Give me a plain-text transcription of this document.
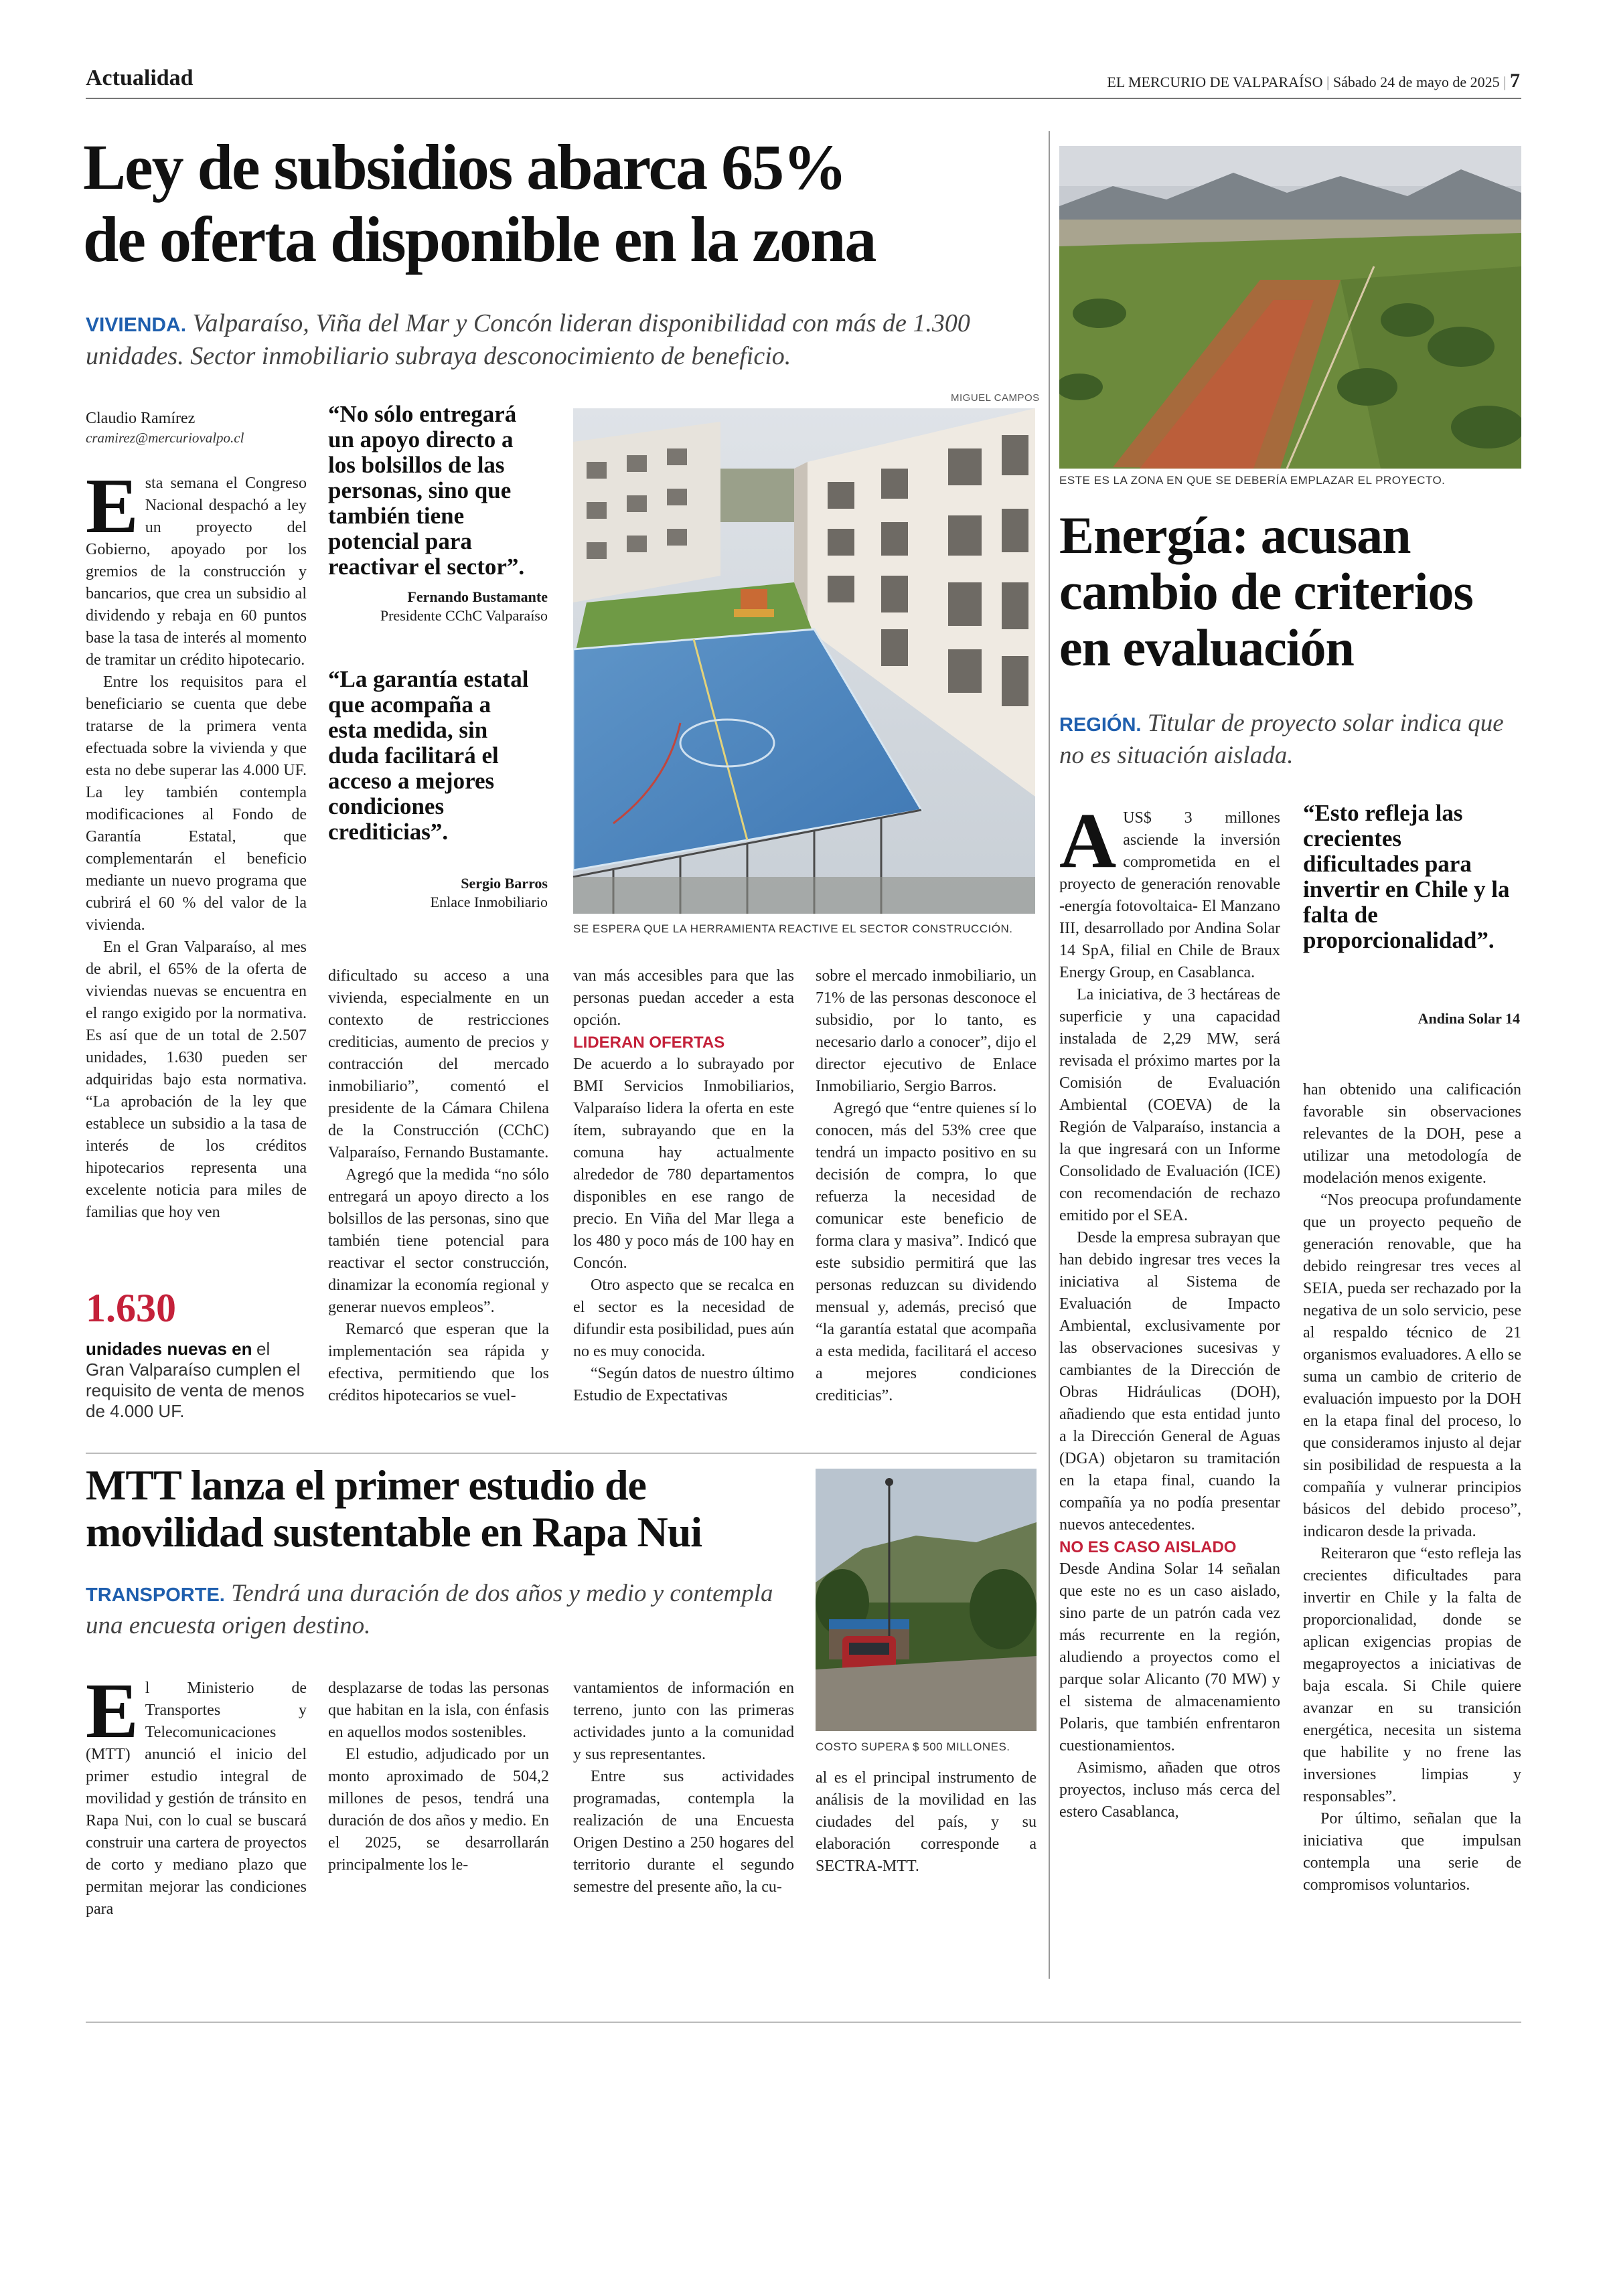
Actualidad	EL MERCURIO DE VALPARAÍSO | Sábado 24 de mayo de 2025 | 7
Ley de subsidios abarca 65%
de oferta disponible en la zona
VIVIENDA. Valparaíso, Viña del Mar y Concón lideran disponibilidad con más de 1.300 unidades. Sector inmobiliario subraya desconocimiento de beneficio.
Claudio Ramírez
cramirez@mercuriovalpo.cl

Esta semana el Congreso Nacional despachó a ley un proyecto del Gobierno, apoyado por los gremios de la construcción y bancarios, que crea un subsidio al dividendo y rebaja en 60 puntos base la tasa de interés al momento de tramitar un crédito hipotecario.

Entre los requisitos para el beneficiario se cuenta que debe tratarse de la primera venta efectuada sobre la vivienda y que esta no debe superar las 4.000 UF. La ley también contempla modificaciones al Fondo de Garantía Estatal, que complementarán el beneficio mediante un nuevo programa que cubrirá el 60 % del valor de la vivienda.

En el Gran Valparaíso, al mes de abril, el 65% de la oferta de viviendas nuevas se encuentra en el rango exigido por la normativa. Es así que de un total de 2.507 unidades, 1.630 pueden ser adquiridas bajo esta normativa. “La aprobación de la ley que establece un subsidio a la tasa de interés de los créditos hipotecarios representa una excelente noticia para miles de familias que hoy ven

1.630
unidades nuevas en el Gran Valparaíso cumplen el requisito de venta de menos de 4.000 UF.
“No sólo entregará un apoyo directo a los bolsillos de las personas, sino que también tiene potencial para reactivar el sector”.
Fernando Bustamante
Presidente CChC Valparaíso
“La garantía estatal que acompaña a esta medida, sin duda facilitará el acceso a mejores condiciones crediticias”.
Sergio Barros
Enlace Inmobiliario
MIGUEL CAMPOS
SE ESPERA QUE LA HERRAMIENTA REACTIVE EL SECTOR CONSTRUCCIÓN.

dificultado su acceso a una vivienda, especialmente en un contexto de restricciones crediticias, aumento de precios y contracción del mercado inmobiliario”, comentó el presidente de la Cámara Chilena de la Construcción (CChC) Valparaíso, Fernando Bustamante.

Agregó que la medida “no sólo entregará un apoyo directo a los bolsillos de las personas, sino que también tiene potencial para reactivar el sector construcción, dinamizar la economía regional y generar nuevos empleos”.

Remarcó que esperan que la implementación sea rápida y efectiva, permitiendo que los créditos hipotecarios se vuel-

van más accesibles para que las personas puedan acceder a esta opción.

LIDERAN OFERTAS

De acuerdo a lo subrayado por BMI Servicios Inmobiliarios, Valparaíso lidera la oferta en este ítem, subrayando que en la comuna hay actualmente alrededor de 780 departamentos disponibles en ese rango de precio. En Viña del Mar llega a los 480 y poco más de 100 hay en Concón.

Otro aspecto que se recalca en el sector es la necesidad de difundir esta posibilidad, pues aún no es muy conocida.

“Según datos de nuestro último Estudio de Expectativas

sobre el mercado inmobiliario, un 71% de las personas desconoce el subsidio, por lo tanto, es necesario darlo a conocer”, dijo el director ejecutivo de Enlace Inmobiliario, Sergio Barros.

Agregó que “entre quienes sí lo conocen, más del 53% cree que tendrá un impacto positivo en su decisión de compra, lo que refuerza la necesidad de comunicar este beneficio de forma clara y masiva”. Indicó que este subsidio permitirá que las personas reduzcan su dividendo mensual y, además, precisó que “la garantía estatal que acompaña a esta medida, facilitará el acceso a mejores condiciones crediticias”.

ESTE ES LA ZONA EN QUE SE DEBERÍA EMPLAZAR EL PROYECTO.
Energía: acusan
cambio de criterios
en evaluación
REGIÓN. Titular de proyecto solar indica que no es situación aislada.

AUS$ 3 millones asciende la inversión comprometida en el proyecto de generación renovable -energía fotovoltaica- El Manzano III, desarrollado por Andina Solar 14 SpA, filial en Chile de Braux Energy Group, en Casablanca.

La iniciativa, de 3 hectáreas de superficie y una capacidad instalada de 2,29 MW, será revisada el próximo martes por la Comisión de Evaluación Ambiental (COEVA) de la Región de Valparaíso, instancia a la que ingresará con un Informe Consolidado de Evaluación (ICE) con recomendación de rechazo emitido por el SEA.

Desde la empresa subrayan que han debido ingresar tres veces la iniciativa al Sistema de Evaluación de Impacto Ambiental, exclusivamente por las observaciones sucesivas y cambiantes de la Dirección de Obras Hidráulicas (DOH), añadiendo que esta entidad junto a la Dirección General de Aguas (DGA) objetaron su tramitación en la etapa final, cuando la compañía ya no podía presentar nuevos antecedentes.

NO ES CASO AISLADO

Desde Andina Solar 14 señalan que este no es un caso aislado, sino parte de un patrón cada vez más recurrente en la región, aludiendo a proyectos como el parque solar Alicanto (70 MW) y el sistema de almacenamiento Polaris, que también enfrentaron cuestionamientos.

Asimismo, añaden que otros proyectos, incluso más cerca del estero Casablanca,

“Esto refleja las crecientes dificultades para invertir en Chile y la falta de proporcionalidad”.
Andina Solar 14

han obtenido una calificación favorable sin observaciones relevantes de la DOH, pese a utilizar una metodología de modelación menos exigente.

“Nos preocupa profundamente que un proyecto pequeño de generación renovable, que ha debido reingresar tres veces al SEIA, pueda ser rechazado por la negativa de un solo servicio, pese al respaldo técnico de 21 organismos evaluadores. A ello se suma un cambio de criterio de evaluación impuesto por la DOH en la etapa final del proceso, lo que consideramos injusto al dejar sin posibilidad de respuesta a la compañía y vulnerar principios básicos del debido proceso”, indicaron desde la privada.

Reiteraron que “esto refleja las crecientes dificultades para invertir en Chile y la falta de proporcionalidad, donde se aplican exigencias propias de megaproyectos a iniciativas de baja escala. Si Chile quiere avanzar en su transición energética, necesita un sistema que habilite y no frene las inversiones limpias y responsables”.

Por último, señalan que la iniciativa que impulsan contempla una serie de compromisos voluntarios.

MTT lanza el primer estudio de
movilidad sustentable en Rapa Nui
TRANSPORTE. Tendrá una duración de dos años y medio y contempla una encuesta origen destino.
COSTO SUPERA $ 500 MILLONES.

El Ministerio de Transportes y Telecomunicaciones (MTT) anunció el inicio del primer estudio integral de movilidad y gestión de tránsito en Rapa Nui, con lo cual se buscará construir una cartera de proyectos de corto y mediano plazo que permitan mejorar las condiciones para

desplazarse de todas las personas que habitan en la isla, con énfasis en aquellos modos sostenibles.

El estudio, adjudicado por un monto aproximado de 504,2 millones de pesos, tendrá una duración de dos años y medio. En el 2025, se desarrollarán principalmente los le-

vantamientos de información en terreno, junto con las primeras actividades junto a la comunidad y sus representantes.

Entre sus actividades programadas, contempla la realización de una Encuesta Origen Destino a 250 hogares del territorio durante el segundo semestre del presente año, la cu-

al es el principal instrumento de análisis de la movilidad en las ciudades del país, y su elaboración corresponde a SECTRA-MTT.
